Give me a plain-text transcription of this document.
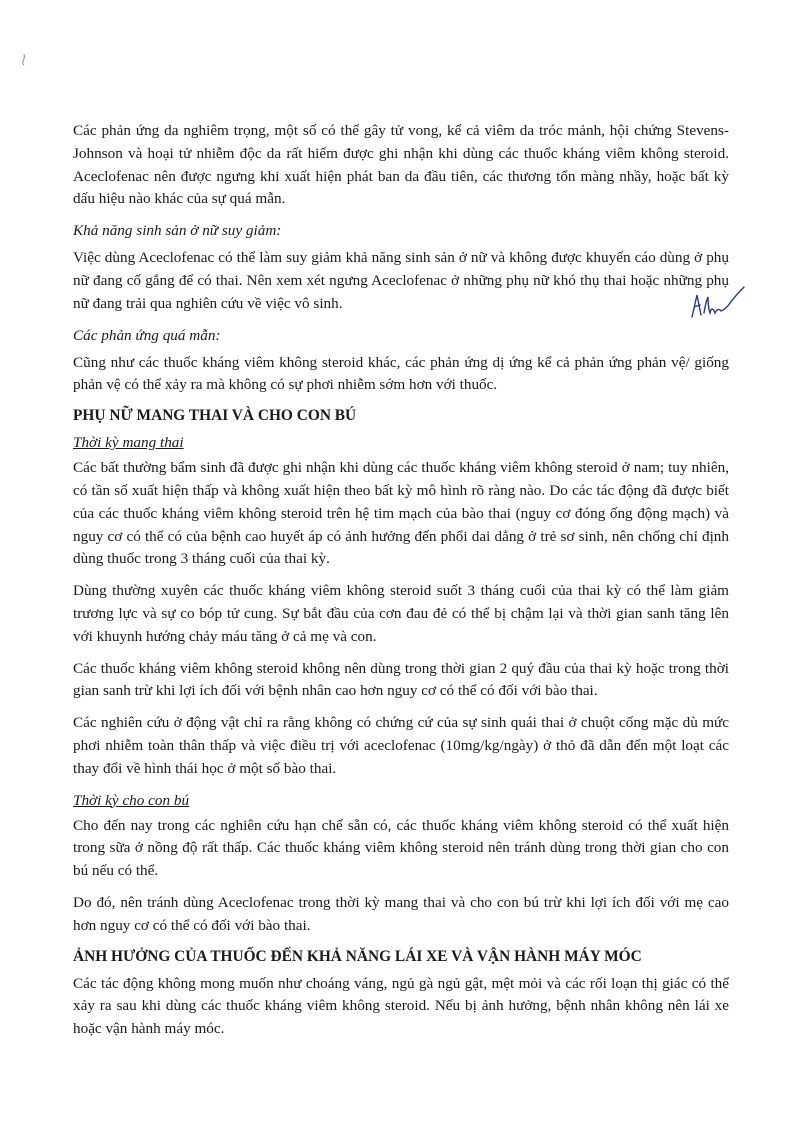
Các phản ứng da nghiêm trọng, một số có thể gây tử vong, kể cả viêm da tróc mảnh, hội chứng Stevens-Johnson và hoại tử nhiễm độc da rất hiếm được ghi nhận khi dùng các thuốc kháng viêm không steroid. Aceclofenac nên được ngưng khi xuất hiện phát ban da đầu tiên, các thương tổn màng nhầy, hoặc bất kỳ dấu hiệu nào khác của sự quá mẫn.

Khả năng sinh sản ở nữ suy giảm:

Việc dùng Aceclofenac có thể làm suy giảm khả năng sinh sản ở nữ và không được khuyến cáo dùng ở phụ nữ đang cố gắng để có thai. Nên xem xét ngưng Aceclofenac ở những phụ nữ khó thụ thai hoặc những phụ nữ đang trải qua nghiên cứu về việc vô sinh.

Các phản ứng quá mẫn:

Cũng như các thuốc kháng viêm không steroid khác, các phản ứng dị ứng kể cả phản ứng phản vệ/ giống phản vệ có thể xảy ra mà không có sự phơi nhiễm sớm hơn với thuốc.

PHỤ NỮ MANG THAI VÀ CHO CON BÚ
Thời kỳ mang thai

Các bất thường bẩm sinh đã được ghi nhận khi dùng các thuốc kháng viêm không steroid ở nam; tuy nhiên, có tần số xuất hiện thấp và không xuất hiện theo bất kỳ mô hình rõ ràng nào. Do các tác động đã được biết của các thuốc kháng viêm không steroid trên hệ tim mạch của bào thai (nguy cơ đóng ống động mạch) và nguy cơ có thể có của bệnh cao huyết áp có ảnh hưởng đến phổi dai dẳng ở trẻ sơ sinh, nên chống chỉ định dùng thuốc trong 3 tháng cuối của thai kỳ.

Dùng thường xuyên các thuốc kháng viêm không steroid suốt 3 tháng cuối của thai kỳ có thể làm giảm trương lực và sự co bóp tử cung. Sự bắt đầu của cơn đau đẻ có thể bị chậm lại và thời gian sanh tăng lên với khuynh hướng chảy máu tăng ở cả mẹ và con.

Các thuốc kháng viêm không steroid không nên dùng trong thời gian 2 quý đầu của thai kỳ hoặc trong thời gian sanh trừ khi lợi ích đối với bệnh nhân cao hơn nguy cơ có thể có đối với bào thai.

Các nghiên cứu ở động vật chỉ ra rằng không có chứng cứ của sự sinh quái thai ở chuột cống mặc dù mức phơi nhiễm toàn thân thấp và việc điều trị với aceclofenac (10mg/kg/ngày) ở thỏ đã dẫn đến một loạt các thay đổi về hình thái học ở một số bào thai.

Thời kỳ cho con bú

Cho đến nay trong các nghiên cứu hạn chế sẵn có, các thuốc kháng viêm không steroid có thể xuất hiện trong sữa ở nồng độ rất thấp. Các thuốc kháng viêm không steroid nên tránh dùng trong thời gian cho con bú nếu có thể.

Do đó, nên tránh dùng Aceclofenac trong thời kỳ mang thai và cho con bú trừ khi lợi ích đối với mẹ cao hơn nguy cơ có thể có đối với bào thai.

ẢNH HƯỞNG CỦA THUỐC ĐẾN KHẢ NĂNG LÁI XE VÀ VẬN HÀNH MÁY MÓC

Các tác động không mong muốn như choáng váng, ngủ gà ngủ gật, mệt mỏi và các rối loạn thị giác có thể xảy ra sau khi dùng các thuốc kháng viêm không steroid. Nếu bị ảnh hưởng, bệnh nhân không nên lái xe hoặc vận hành máy móc.
